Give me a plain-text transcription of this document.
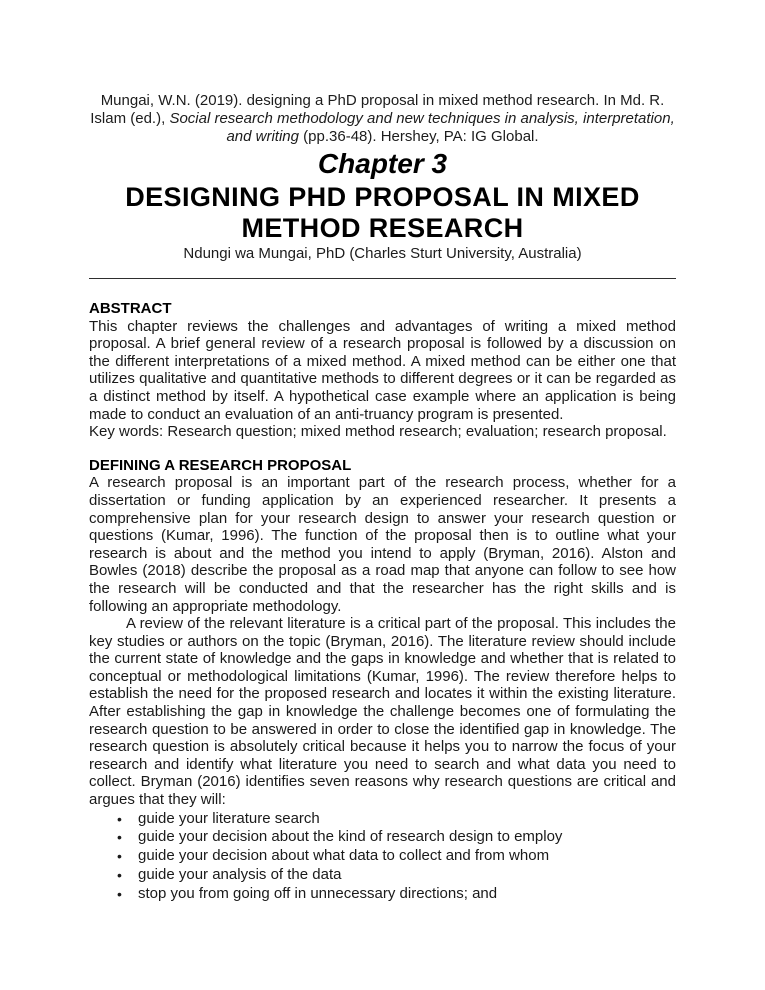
Mungai, W.N. (2019). designing a PhD proposal in mixed method research. In Md. R. Islam (ed.), Social research methodology and new techniques in analysis, interpretation, and writing (pp.36-48). Hershey, PA: IG Global.

Chapter 3
DESIGNING PHD PROPOSAL IN MIXED METHOD RESEARCH

Ndungi wa Mungai, PhD (Charles Sturt University, Australia)

ABSTRACT

This chapter reviews the challenges and advantages of writing a mixed method proposal. A brief general review of a research proposal is followed by a discussion on the different interpretations of a mixed method. A mixed method can be either one that utilizes qualitative and quantitative methods to different degrees or it can be regarded as a distinct method by itself. A hypothetical case example where an application is being made to conduct an evaluation of an anti-truancy program is presented.

Key words: Research question; mixed method research; evaluation; research proposal.

DEFINING A RESEARCH PROPOSAL

A research proposal is an important part of the research process, whether for a dissertation or funding application by an experienced researcher. It presents a comprehensive plan for your research design to answer your research question or questions (Kumar, 1996). The function of the proposal then is to outline what your research is about and the method you intend to apply (Bryman, 2016). Alston and Bowles (2018) describe the proposal as a road map that anyone can follow to see how the research will be conducted and that the researcher has the right skills and is following an appropriate methodology.

A review of the relevant literature is a critical part of the proposal. This includes the key studies or authors on the topic (Bryman, 2016). The literature review should include the current state of knowledge and the gaps in knowledge and whether that is related to conceptual or methodological limitations (Kumar, 1996). The review therefore helps to establish the need for the proposed research and locates it within the existing literature. After establishing the gap in knowledge the challenge becomes one of formulating the research question to be answered in order to close the identified gap in knowledge. The research question is absolutely critical because it helps you to narrow the focus of your research and identify what literature you need to search and what data you need to collect. Bryman (2016) identifies seven reasons why research questions are critical and argues that they will:

• guide your literature search
• guide your decision about the kind of research design to employ
• guide your decision about what data to collect and from whom
• guide your analysis of the data
• stop you from going off in unnecessary directions; and
